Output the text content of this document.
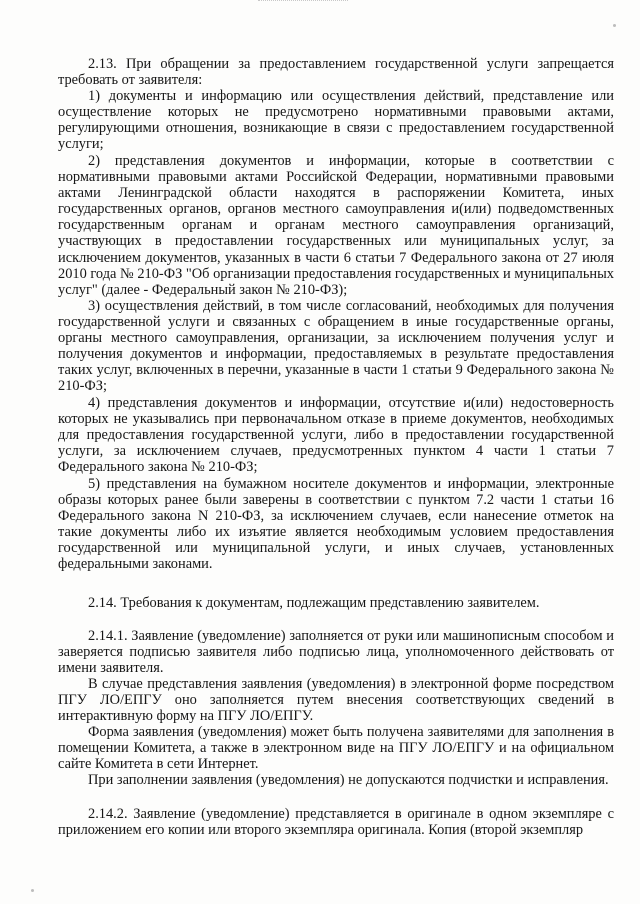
2.13. При обращении за предоставлением государственной услуги запрещается требовать от заявителя:

1) документы и информацию или осуществления действий, представление или осуществление которых не предусмотрено нормативными правовыми актами, регулирующими отношения, возникающие в связи с предоставлением государственной услуги;

2) представления документов и информации, которые в соответствии с нормативными правовыми актами Российской Федерации, нормативными правовыми актами Ленинградской области находятся в распоряжении Комитета, иных государственных органов, органов местного самоуправления и(или) подведомственных государственным органам и органам местного самоуправления организаций, участвующих в предоставлении государственных или муниципальных услуг, за исключением документов, указанных в части 6 статьи 7 Федерального закона от 27 июля 2010 года № 210-ФЗ "Об организации предоставления государственных и муниципальных услуг" (далее - Федеральный закон № 210-ФЗ);

3) осуществления действий, в том числе согласований, необходимых для получения государственной услуги и связанных с обращением в иные государственные органы, органы местного самоуправления, организации, за исключением получения услуг и получения документов и информации, предоставляемых в результате предоставления таких услуг, включенных в перечни, указанные в части 1 статьи 9 Федерального закона № 210-ФЗ;

4) представления документов и информации, отсутствие и(или) недостоверность которых не указывались при первоначальном отказе в приеме документов, необходимых для предоставления государственной услуги, либо в предоставлении государственной услуги, за исключением случаев, предусмотренных пунктом 4 части 1 статьи 7 Федерального закона № 210-ФЗ;

5) представления на бумажном носителе документов и информации, электронные образы которых ранее были заверены в соответствии с пунктом 7.2 части 1 статьи 16 Федерального закона N 210-ФЗ, за исключением случаев, если нанесение отметок на такие документы либо их изъятие является необходимым условием предоставления государственной или муниципальной услуги, и иных случаев, установленных федеральными законами.

2.14. Требования к документам, подлежащим представлению заявителем.

2.14.1. Заявление (уведомление) заполняется от руки или машинописным способом и заверяется подписью заявителя либо подписью лица, уполномоченного действовать от имени заявителя.

В случае представления заявления (уведомления) в электронной форме посредством ПГУ ЛО/ЕПГУ оно заполняется путем внесения соответствующих сведений в интерактивную форму на ПГУ ЛО/ЕПГУ.

Форма заявления (уведомления) может быть получена заявителями для заполнения в помещении Комитета, а также в электронном виде на ПГУ ЛО/ЕПГУ и на официальном сайте Комитета в сети Интернет.

При заполнении заявления (уведомления) не допускаются подчистки и исправления.

2.14.2. Заявление (уведомление) представляется в оригинале в одном экземпляре с приложением его копии или второго экземпляра оригинала. Копия (второй экземпляр
